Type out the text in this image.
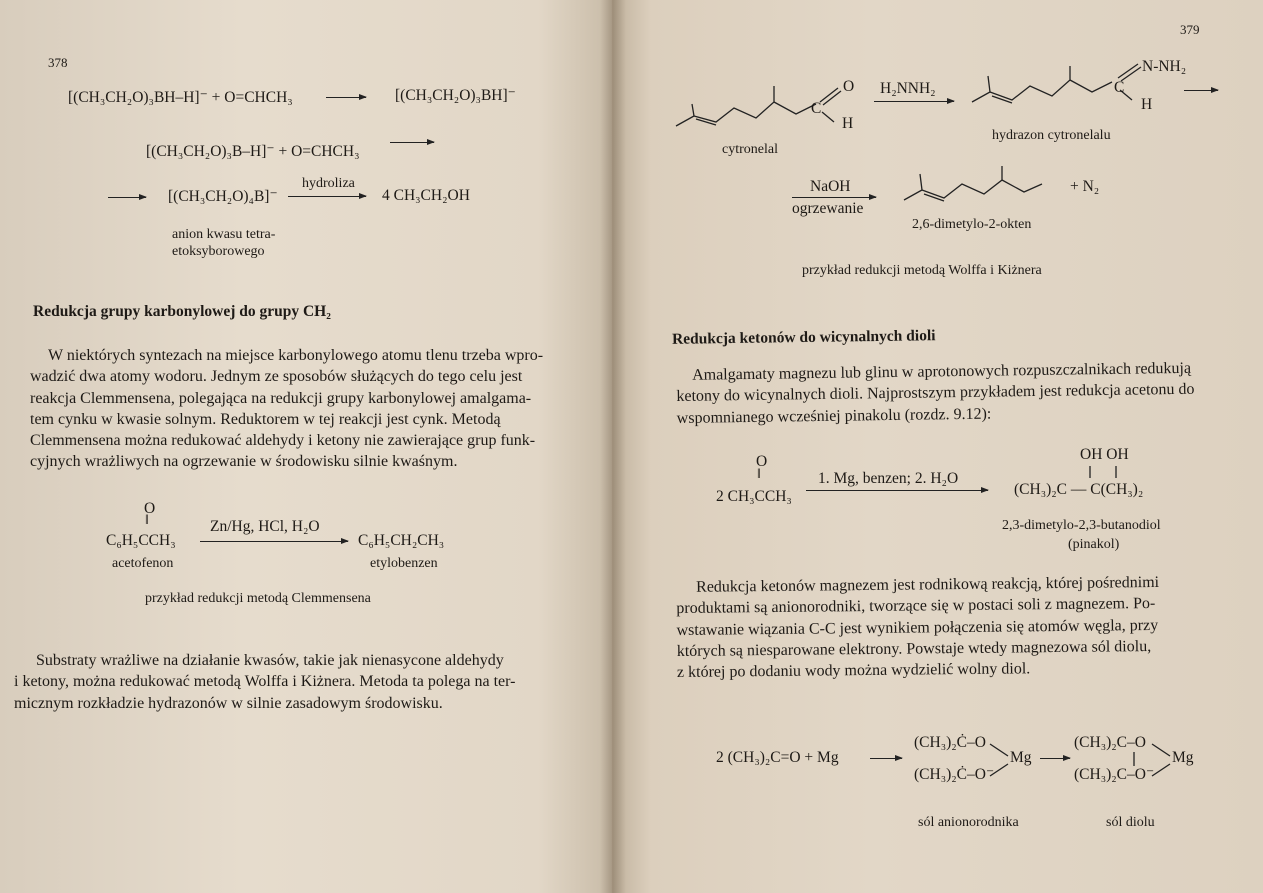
378
[(CH₃CH₂O)₃BH–H]⁻ + O=CHCH₃	[(CH₃CH₂O)₃BH]⁻
[(CH₃CH₂O)₃B–H]⁻ + O=CHCH₃
[(CH₃CH₂O)₄B]⁻
hydroliza
4 CH₃CH₂OH
anion kwasu tetra-
etoksyborowego
Redukcja grupy karbonylowej do grupy CH₂
W niektórych syntezach na miejsce karbonylowego atomu tlenu trzeba wpro-
wadzić dwa atomy wodoru. Jednym ze sposobów służących do tego celu jest
reakcja Clemmensena, polegająca na redukcji grupy karbonylowej amalgama-
tem cynku w kwasie solnym. Reduktorem w tej reakcji jest cynk. Metodą
Clemmensena można redukować aldehydy i ketony nie zawierające grup funk-
cyjnych wrażliwych na ogrzewanie w środowisku silnie kwaśnym.
O
‖
C₆H₅CCH₃
acetofenon
Zn/Hg, HCl, H₂O
C₆H₅CH₂CH₃
etylobenzen
przykład redukcji metodą Clemmensena
Substraty wrażliwe na działanie kwasów, takie jak nienasycone aldehydy
i ketony, można redukować metodą Wolffa i Kiżnera. Metoda ta polega na ter-
micznym rozkładzie hydrazonów w silnie zasadowym środowisku.
379
C
O
H
cytronelal
H₂NNH₂	C
N-NH₂
H
hydrazon cytronelalu
NaOH
ogrzewanie
+ N₂
2,6-dimetylo-2-okten
przykład redukcji metodą Wolffa i Kiżnera
Redukcja ketonów do wicynalnych dioli
Amalgamaty magnezu lub glinu w aprotonowych rozpuszczalnikach redukują
ketony do wicynalnych dioli. Najprostszym przykładem jest redukcja acetonu do
wspomnianego wcześniej pinakolu (rozdz. 9.12):
O
‖
2 CH₃CCH₃
1. Mg, benzen; 2. H₂O
OH OH
(CH₃)₂C — C(CH₃)₂
2,3-dimetylo-2,3-butanodiol
(pinakol)
Redukcja ketonów magnezem jest rodnikową reakcją, której pośrednimi
produktami są anionorodniki, tworzące się w postaci soli z magnezem. Po-
wstawanie wiązania C-C jest wynikiem połączenia się atomów węgla, przy
których są niesparowane elektrony. Powstaje wtedy magnezowa sól diolu,
z której po dodaniu wody można wydzielić wolny diol.
2 (CH₃)₂C=O + Mg
(CH₃)₂Ċ–O
(CH₃)₂Ċ–O⁻
Mg
(CH₃)₂C–O
(CH₃)₂C–O⁻
Mg
sól anionorodnika	sól diolu
